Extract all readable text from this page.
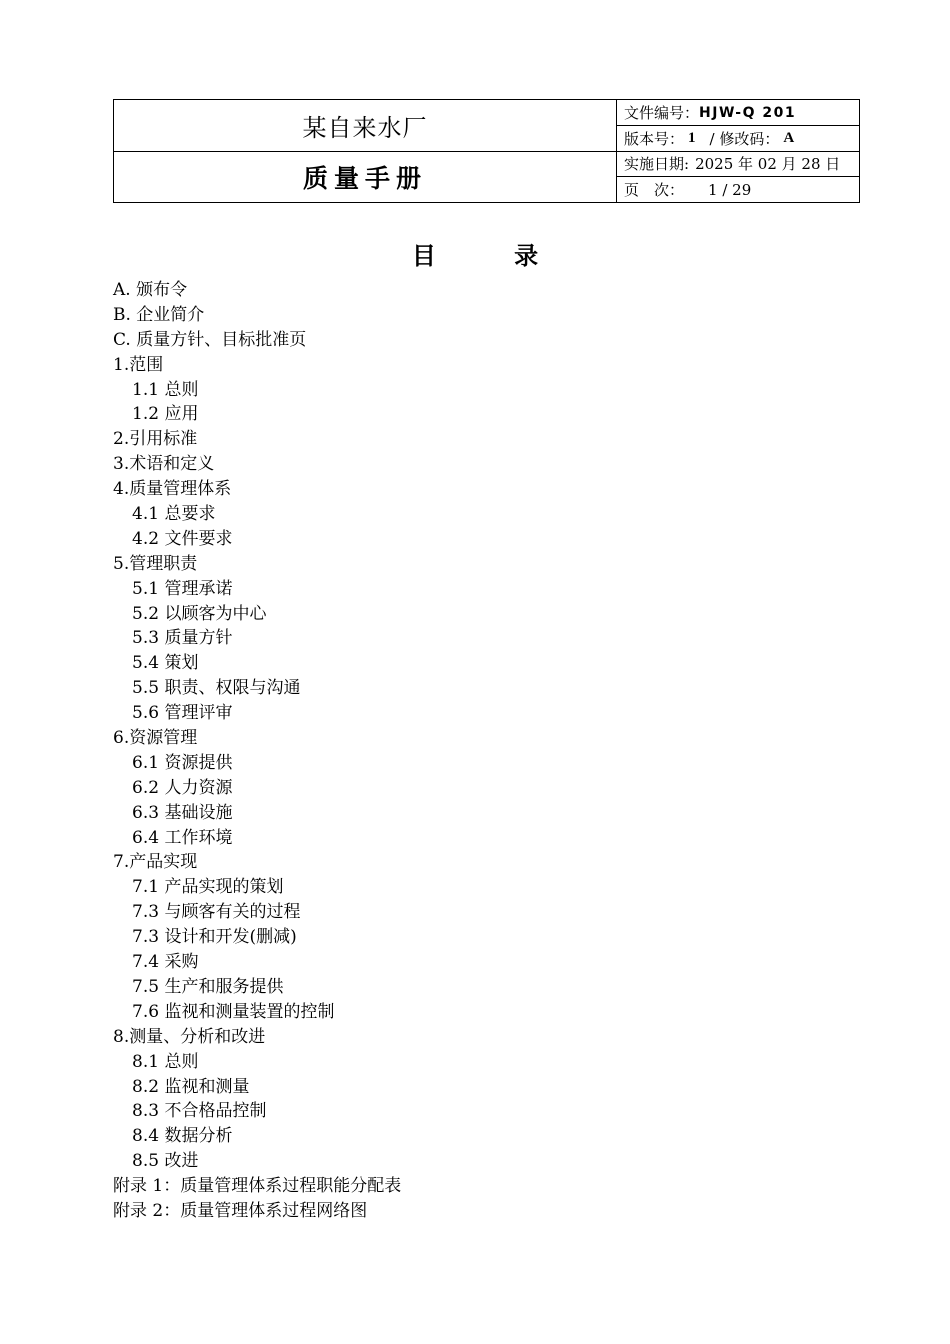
某自来水厂
质量手册
文件编号： HJW-Q 201
版本号： 1 / 修改码： A
实施日期: 2025 年 02 月 28 日
页　次： 1 / 29
目	录
A. 颁布令
B. 企业简介
C. 质量方针、目标批准页
1.范围
1.1 总则
1.2 应用
2.引用标准
3.术语和定义
4.质量管理体系
4.1 总要求
4.2 文件要求
5.管理职责
5.1 管理承诺
5.2 以顾客为中心
5.3 质量方针
5.4 策划
5.5 职责、权限与沟通
5.6 管理评审
6.资源管理
6.1 资源提供
6.2 人力资源
6.3 基础设施
6.4 工作环境
7.产品实现
7.1 产品实现的策划
7.3 与顾客有关的过程
7.3 设计和开发(删减)
7.4 采购
7.5 生产和服务提供
7.6 监视和测量装置的控制
8.测量、分析和改进
8.1 总则
8.2 监视和测量
8.3 不合格品控制
8.4 数据分析
8.5 改进
附录 1：质量管理体系过程职能分配表
附录 2：质量管理体系过程网络图
